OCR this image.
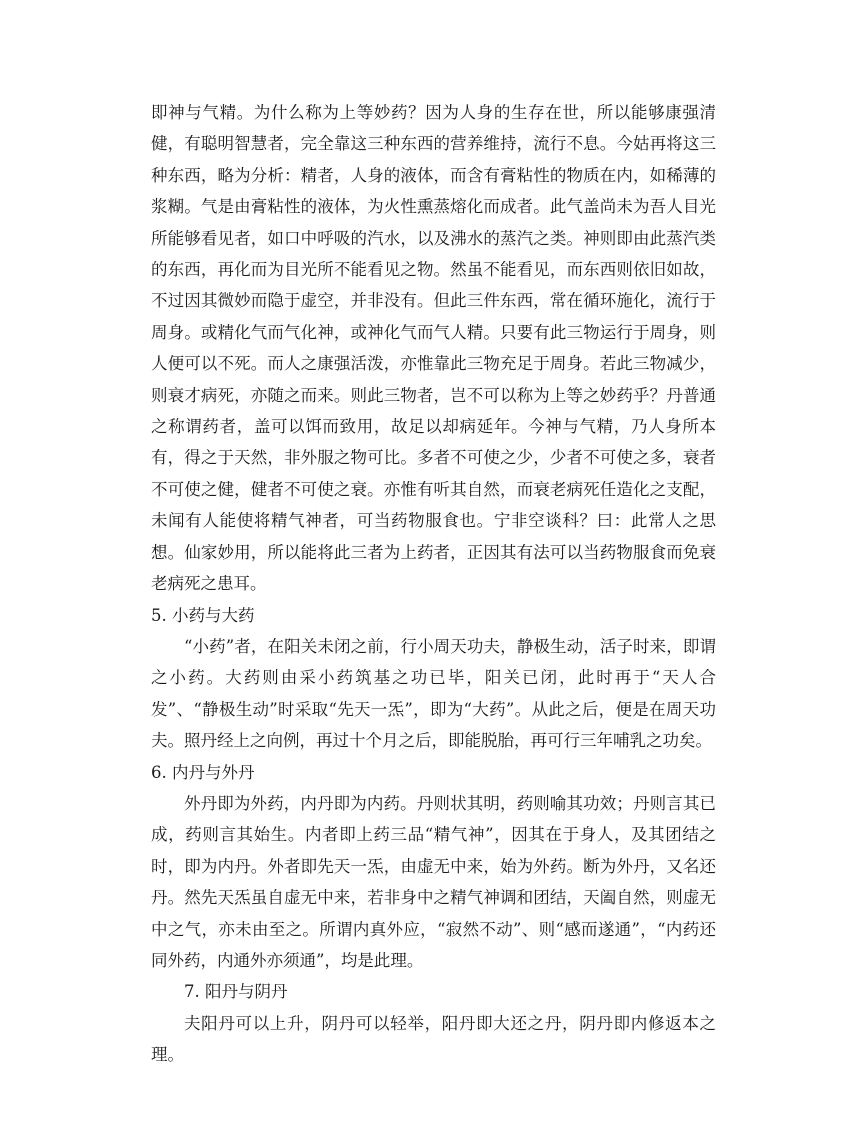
即神与气精。为什么称为上等妙药？因为人身的生存在世，所以能够康强清健，有聪明智慧者，完全靠这三种东西的营养维持，流行不息。今姑再将这三种东西，略为分析：精者，人身的液体，而含有膏粘性的物质在内，如稀薄的浆糊。气是由膏粘性的液体，为火性熏蒸熔化而成者。此气盖尚未为吾人目光所能够看见者，如口中呼吸的汽水，以及沸水的蒸汽之类。神则即由此蒸汽类的东西，再化而为目光所不能看见之物。然虽不能看见，而东西则依旧如故，不过因其微妙而隐于虚空，并非没有。但此三件东西，常在循环施化，流行于周身。或精化气而气化神，或神化气而气人精。只要有此三物运行于周身，则人便可以不死。而人之康强活泼，亦惟靠此三物充足于周身。若此三物减少，则衰才病死，亦随之而来。则此三物者，岂不可以称为上等之妙药乎？丹普通之称谓药者，盖可以饵而致用，故足以却病延年。今神与气精，乃人身所本有，得之于天然，非外服之物可比。多者不可使之少，少者不可使之多，衰者不可使之健，健者不可使之衰。亦惟有听其自然，而衰老病死任造化之支配，未闻有人能使将精气神者，可当药物服食也。宁非空谈科？曰：此常人之思想。仙家妙用，所以能将此三者为上药者，正因其有法可以当药物服食而免衰老病死之患耳。

5. 小药与大药

“小药”者，在阳关未闭之前，行小周天功夫，静极生动，活子时来，即谓之小药。大药则由采小药筑基之功已毕，阳关已闭，此时再于“天人合发”、“静极生动”时采取“先天一炁”，即为“大药”。从此之后，便是在周天功夫。照丹经上之向例，再过十个月之后，即能脱胎，再可行三年哺乳之功矣。

6. 内丹与外丹

外丹即为外药，内丹即为内药。丹则状其明，药则喻其功效；丹则言其已成，药则言其始生。内者即上药三品“精气神”，因其在于身人，及其团结之时，即为内丹。外者即先天一炁，由虚无中来，始为外药。断为外丹，又名还丹。然先天炁虽自虚无中来，若非身中之精气神调和团结，天阖自然，则虚无中之气，亦未由至之。所谓内真外应，“寂然不动”、则“感而遂通”，“内药还同外药，内通外亦须通”，均是此理。

7. 阳丹与阴丹

夫阳丹可以上升，阴丹可以轻举，阳丹即大还之丹，阴丹即内修返本之理。
